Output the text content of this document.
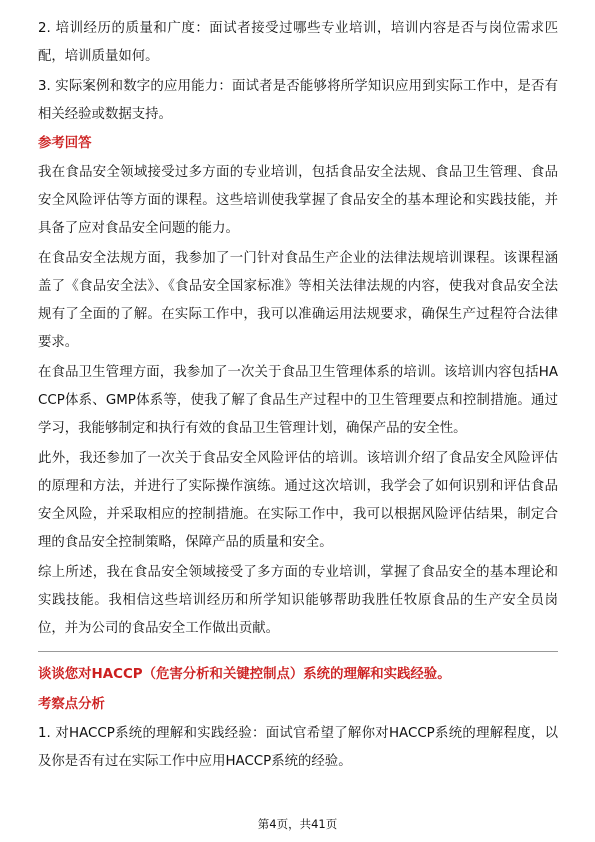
2. 培训经历的质量和广度：面试者接受过哪些专业培训，培训内容是否与岗位需求匹配，培训质量如何。

3. 实际案例和数字的应用能力：面试者是否能够将所学知识应用到实际工作中，是否有相关经验或数据支持。

参考回答

我在食品安全领域接受过多方面的专业培训，包括食品安全法规、食品卫生管理、食品安全风险评估等方面的课程。这些培训使我掌握了食品安全的基本理论和实践技能，并具备了应对食品安全问题的能力。

在食品安全法规方面，我参加了一门针对食品生产企业的法律法规培训课程。该课程涵盖了《食品安全法》、《食品安全国家标准》等相关法律法规的内容，使我对食品安全法规有了全面的了解。在实际工作中，我可以准确运用法规要求，确保生产过程符合法律要求。

在食品卫生管理方面，我参加了一次关于食品卫生管理体系的培训。该培训内容包括HACCP体系、GMP体系等，使我了解了食品生产过程中的卫生管理要点和控制措施。通过学习，我能够制定和执行有效的食品卫生管理计划，确保产品的安全性。

此外，我还参加了一次关于食品安全风险评估的培训。该培训介绍了食品安全风险评估的原理和方法，并进行了实际操作演练。通过这次培训，我学会了如何识别和评估食品安全风险，并采取相应的控制措施。在实际工作中，我可以根据风险评估结果，制定合理的食品安全控制策略，保障产品的质量和安全。

综上所述，我在食品安全领域接受了多方面的专业培训，掌握了食品安全的基本理论和实践技能。我相信这些培训经历和所学知识能够帮助我胜任牧原食品的生产安全员岗位，并为公司的食品安全工作做出贡献。

谈谈您对HACCP（危害分析和关键控制点）系统的理解和实践经验。
考察点分析

1. 对HACCP系统的理解和实践经验：面试官希望了解你对HACCP系统的理解程度，以及你是否有过在实际工作中应用HACCP系统的经验。

第4页，共41页
